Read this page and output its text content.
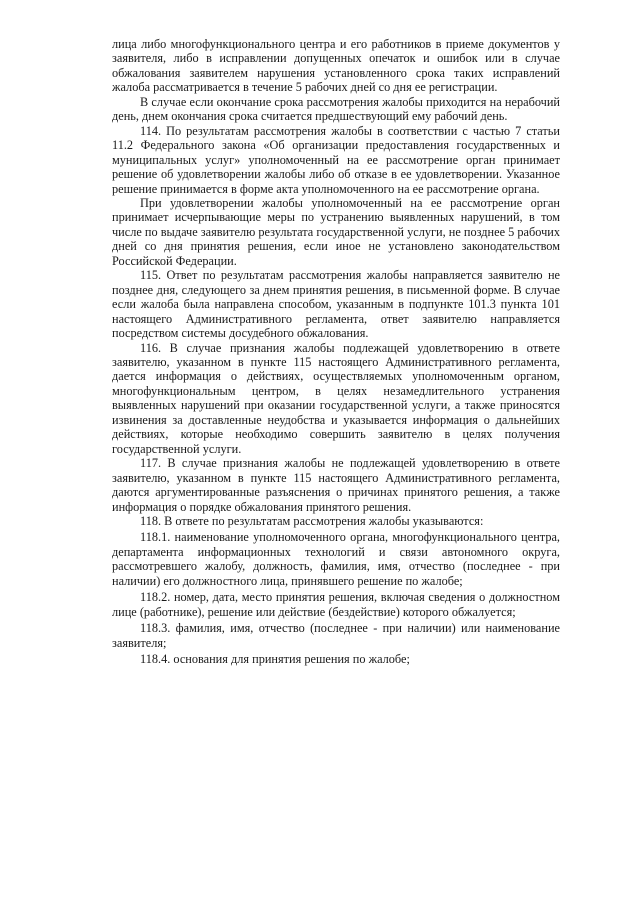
лица либо многофункционального центра и его работников в приеме документов у заявителя, либо в исправлении допущенных опечаток и ошибок или в случае обжалования заявителем нарушения установленного срока таких исправлений жалоба рассматривается в течение 5 рабочих дней со дня ее регистрации.

В случае если окончание срока рассмотрения жалобы приходится на нерабочий день, днем окончания срока считается предшествующий ему рабочий день.

114. По результатам рассмотрения жалобы в соответствии с частью 7 статьи 11.2 Федерального закона «Об организации предоставления государственных и муниципальных услуг» уполномоченный на ее рассмотрение орган принимает решение об удовлетворении жалобы либо об отказе в ее удовлетворении. Указанное решение принимается в форме акта уполномоченного на ее рассмотрение органа.

При удовлетворении жалобы уполномоченный на ее рассмотрение орган принимает исчерпывающие меры по устранению выявленных нарушений, в том числе по выдаче заявителю результата государственной услуги, не позднее 5 рабочих дней со дня принятия решения, если иное не установлено законодательством Российской Федерации.

115. Ответ по результатам рассмотрения жалобы направляется заявителю не позднее дня, следующего за днем принятия решения, в письменной форме. В случае если жалоба была направлена способом, указанным в подпункте 101.3 пункта 101 настоящего Административного регламента, ответ заявителю направляется посредством системы досудебного обжалования.

116. В случае признания жалобы подлежащей удовлетворению в ответе заявителю, указанном в пункте 115 настоящего Административного регламента, дается информация о действиях, осуществляемых уполномоченным органом, многофункциональным центром, в целях незамедлительного устранения выявленных нарушений при оказании государственной услуги, а также приносятся извинения за доставленные неудобства и указывается информация о дальнейших действиях, которые необходимо совершить заявителю в целях получения государственной услуги.

117. В случае признания жалобы не подлежащей удовлетворению в ответе заявителю, указанном в пункте 115 настоящего Административного регламента, даются аргументированные разъяснения о причинах принятого решения, а также информация о порядке обжалования принятого решения.

118. В ответе по результатам рассмотрения жалобы указываются:

118.1. наименование уполномоченного органа, многофункционального центра, департамента информационных технологий и связи автономного округа, рассмотревшего жалобу, должность, фамилия, имя, отчество (последнее - при наличии) его должностного лица, принявшего решение по жалобе;

118.2. номер, дата, место принятия решения, включая сведения о должностном лице (работнике), решение или действие (бездействие) которого обжалуется;

118.3. фамилия, имя, отчество (последнее - при наличии) или наименование заявителя;

118.4. основания для принятия решения по жалобе;
